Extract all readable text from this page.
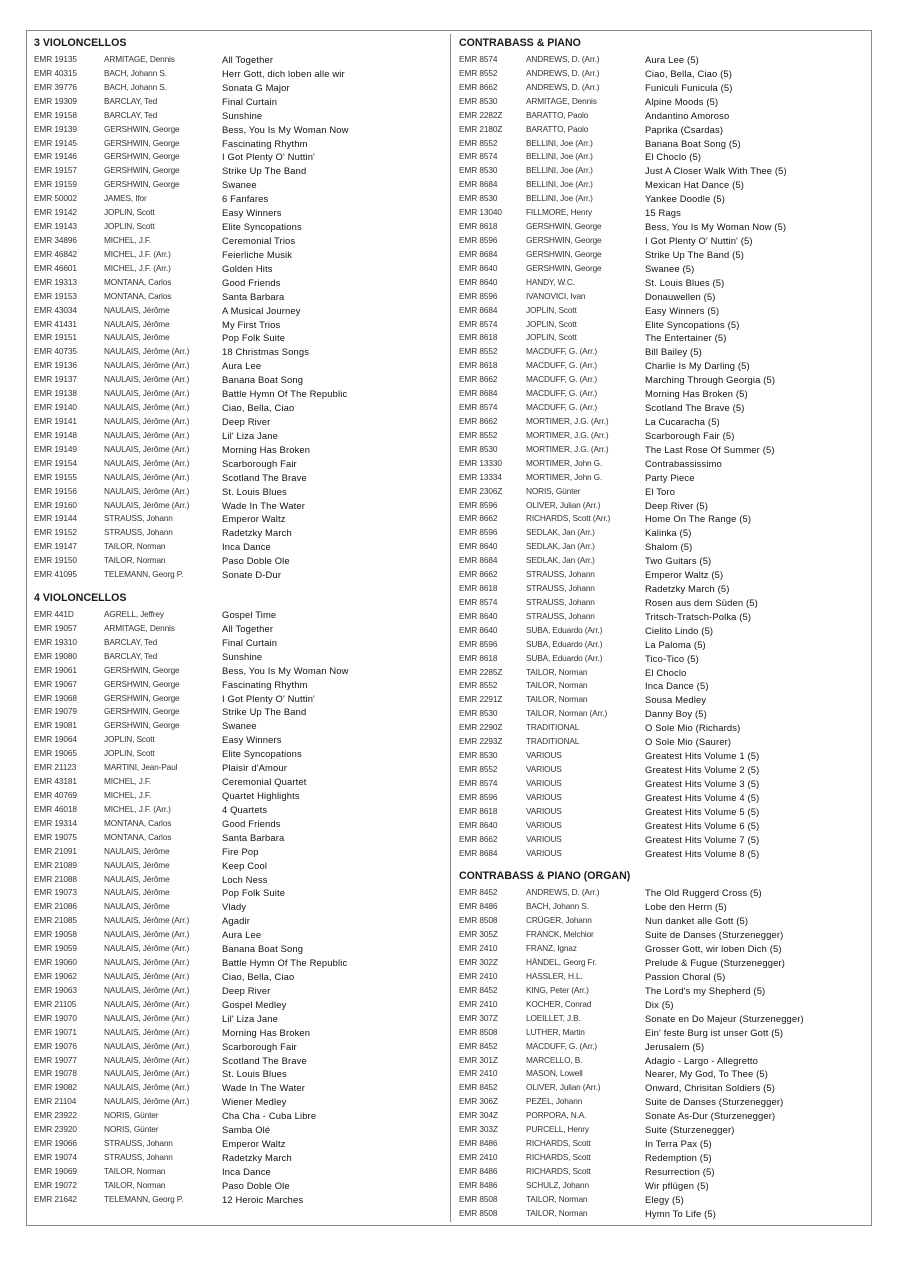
3 VIOLONCELLOS
EMR 19135	ARMITAGE, Dennis	All Together
EMR 40315	BACH, Johann S.	Herr Gott, dich loben alle wir
EMR 39776	BACH, Johann S.	Sonata G Major
EMR 19309	BARCLAY, Ted	Final Curtain
EMR 19158	BARCLAY, Ted	Sunshine
EMR 19139	GERSHWIN, George	Bess, You Is My Woman Now
EMR 19145	GERSHWIN, George	Fascinating Rhythm
EMR 19146	GERSHWIN, George	I Got Plenty O' Nuttin'
EMR 19157	GERSHWIN, George	Strike Up The Band
EMR 19159	GERSHWIN, George	Swanee
EMR 50002	JAMES, Ifor	6 Fanfares
EMR 19142	JOPLIN, Scott	Easy Winners
EMR 19143	JOPLIN, Scott	Elite Syncopations
EMR 34896	MICHEL, J.F.	Ceremonial Trios
EMR 46842	MICHEL, J.F. (Arr.)	Feierliche Musik
EMR 46601	MICHEL, J.F. (Arr.)	Golden Hits
EMR 19313	MONTANA, Carlos	Good Friends
EMR 19153	MONTANA, Carlos	Santa Barbara
EMR 43034	NAULAIS, Jérôme	A Musical Journey
EMR 41431	NAULAIS, Jérôme	My First Trios
EMR 19151	NAULAIS, Jérôme	Pop Folk Suite
EMR 40735	NAULAIS, Jérôme (Arr.)	18 Christmas Songs
EMR 19136	NAULAIS, Jérôme (Arr.)	Aura Lee
EMR 19137	NAULAIS, Jérôme (Arr.)	Banana Boat Song
EMR 19138	NAULAIS, Jérôme (Arr.)	Battle Hymn Of The Republic
EMR 19140	NAULAIS, Jérôme (Arr.)	Ciao, Bella, Ciao
EMR 19141	NAULAIS, Jérôme (Arr.)	Deep River
EMR 19148	NAULAIS, Jérôme (Arr.)	Lil' Liza Jane
EMR 19149	NAULAIS, Jérôme (Arr.)	Morning Has Broken
EMR 19154	NAULAIS, Jérôme (Arr.)	Scarborough Fair
EMR 19155	NAULAIS, Jérôme (Arr.)	Scotland The Brave
EMR 19156	NAULAIS, Jérôme (Arr.)	St. Louis Blues
EMR 19160	NAULAIS, Jérôme (Arr.)	Wade In The Water
EMR 19144	STRAUSS, Johann	Emperor Waltz
EMR 19152	STRAUSS, Johann	Radetzky March
EMR 19147	TAILOR, Norman	Inca Dance
EMR 19150	TAILOR, Norman	Paso Doble Ole
EMR 41095	TELEMANN, Georg P.	Sonate D-Dur
4 VIOLONCELLOS
EMR 441D	AGRELL, Jeffrey	Gospel Time
EMR 19057	ARMITAGE, Dennis	All Together
EMR 19310	BARCLAY, Ted	Final Curtain
EMR 19080	BARCLAY, Ted	Sunshine
EMR 19061	GERSHWIN, George	Bess, You Is My Woman Now
EMR 19067	GERSHWIN, George	Fascinating Rhythm
EMR 19068	GERSHWIN, George	I Got Plenty O' Nuttin'
EMR 19079	GERSHWIN, George	Strike Up The Band
EMR 19081	GERSHWIN, George	Swanee
EMR 19064	JOPLIN, Scott	Easy Winners
EMR 19065	JOPLIN, Scott	Elite Syncopations
EMR 21123	MARTINI, Jean-Paul	Plaisir d'Amour
EMR 43181	MICHEL, J.F.	Ceremonial Quartet
EMR 40769	MICHEL, J.F.	Quartet Highlights
EMR 46018	MICHEL, J.F. (Arr.)	4 Quartets
EMR 19314	MONTANA, Carlos	Good Friends
EMR 19075	MONTANA, Carlos	Santa Barbara
EMR 21091	NAULAIS, Jérôme	Fire Pop
EMR 21089	NAULAIS, Jérôme	Keep Cool
EMR 21088	NAULAIS, Jérôme	Loch Ness
EMR 19073	NAULAIS, Jérôme	Pop Folk Suite
EMR 21086	NAULAIS, Jérôme	Vlady
EMR 21085	NAULAIS, Jérôme (Arr.)	Agadir
EMR 19058	NAULAIS, Jérôme (Arr.)	Aura Lee
EMR 19059	NAULAIS, Jérôme (Arr.)	Banana Boat Song
EMR 19060	NAULAIS, Jérôme (Arr.)	Battle Hymn Of The Republic
EMR 19062	NAULAIS, Jérôme (Arr.)	Ciao, Bella, Ciao
EMR 19063	NAULAIS, Jérôme (Arr.)	Deep River
EMR 21105	NAULAIS, Jérôme (Arr.)	Gospel Medley
EMR 19070	NAULAIS, Jérôme (Arr.)	Lil' Liza Jane
EMR 19071	NAULAIS, Jérôme (Arr.)	Morning Has Broken
EMR 19076	NAULAIS, Jérôme (Arr.)	Scarborough Fair
EMR 19077	NAULAIS, Jérôme (Arr.)	Scotland The Brave
EMR 19078	NAULAIS, Jérôme (Arr.)	St. Louis Blues
EMR 19082	NAULAIS, Jérôme (Arr.)	Wade In The Water
EMR 21104	NAULAIS, Jérôme (Arr.)	Wiener Medley
EMR 23922	NORIS, Günter	Cha Cha - Cuba Libre
EMR 23920	NORIS, Günter	Samba Olé
EMR 19066	STRAUSS, Johann	Emperor Waltz
EMR 19074	STRAUSS, Johann	Radetzky March
EMR 19069	TAILOR, Norman	Inca Dance
EMR 19072	TAILOR, Norman	Paso Doble Ole
EMR 21642	TELEMANN, Georg P.	12 Heroic Marches
CONTRABASS & PIANO
EMR 8574	ANDREWS, D. (Arr.)	Aura Lee (5)
EMR 8552	ANDREWS, D. (Arr.)	Ciao, Bella, Ciao (5)
EMR 8662	ANDREWS, D. (Arr.)	Funiculi Funicula (5)
EMR 8530	ARMITAGE, Dennis	Alpine Moods (5)
EMR 2282Z	BARATTO, Paolo	Andantino Amoroso
EMR 2180Z	BARATTO, Paolo	Paprika (Csardas)
EMR 8552	BELLINI, Joe (Arr.)	Banana Boat Song (5)
EMR 8574	BELLINI, Joe (Arr.)	El Choclo (5)
EMR 8530	BELLINI, Joe (Arr.)	Just A Closer Walk With Thee (5)
EMR 8684	BELLINI, Joe (Arr.)	Mexican Hat Dance (5)
EMR 8530	BELLINI, Joe (Arr.)	Yankee Doodle (5)
EMR 13040	FILLMORE, Henry	15 Rags
EMR 8618	GERSHWIN, George	Bess, You Is My Woman Now (5)
EMR 8596	GERSHWIN, George	I Got Plenty O' Nuttin' (5)
EMR 8684	GERSHWIN, George	Strike Up The Band (5)
EMR 8640	GERSHWIN, George	Swanee (5)
EMR 8640	HANDY, W.C.	St. Louis Blues (5)
EMR 8596	IVANOVICI, Ivan	Donauwellen (5)
EMR 8684	JOPLIN, Scott	Easy Winners (5)
EMR 8574	JOPLIN, Scott	Elite Syncopations (5)
EMR 8618	JOPLIN, Scott	The Entertainer (5)
EMR 8552	MACDUFF, G. (Arr.)	Bill Bailey (5)
EMR 8618	MACDUFF, G. (Arr.)	Charlie Is My Darling (5)
EMR 8662	MACDUFF, G. (Arr.)	Marching Through Georgia (5)
EMR 8684	MACDUFF, G. (Arr.)	Morning Has Broken (5)
EMR 8574	MACDUFF, G. (Arr.)	Scotland The Brave (5)
EMR 8662	MORTIMER, J.G. (Arr.)	La Cucaracha (5)
EMR 8552	MORTIMER, J.G. (Arr.)	Scarborough Fair (5)
EMR 8530	MORTIMER, J.G. (Arr.)	The Last Rose Of Summer (5)
EMR 13330	MORTIMER, John G.	Contrabassissimo
EMR 13334	MORTIMER, John G.	Party Piece
EMR 2306Z	NORIS, Günter	El Toro
EMR 8596	OLIVER, Julian (Arr.)	Deep River (5)
EMR 8662	RICHARDS, Scott (Arr.)	Home On The Range (5)
EMR 8596	SEDLAK, Jan (Arr.)	Kalinka (5)
EMR 8640	SEDLAK, Jan (Arr.)	Shalom (5)
EMR 8684	SEDLAK, Jan (Arr.)	Two Guitars (5)
EMR 8662	STRAUSS, Johann	Emperor Waltz (5)
EMR 8618	STRAUSS, Johann	Radetzky March (5)
EMR 8574	STRAUSS, Johann	Rosen aus dem Süden (5)
EMR 8640	STRAUSS, Johann	Tritsch-Tratsch-Polka (5)
EMR 8640	SUBA, Eduardo (Arr.)	Cielito Lindo (5)
EMR 8596	SUBA, Eduardo (Arr.)	La Paloma (5)
EMR 8618	SUBA, Eduardo (Arr.)	Tico-Tico (5)
EMR 2285Z	TAILOR, Norman	El Choclo
EMR 8552	TAILOR, Norman	Inca Dance (5)
EMR 2291Z	TAILOR, Norman	Sousa Medley
EMR 8530	TAILOR, Norman (Arr.)	Danny Boy (5)
EMR 2290Z	TRADITIONAL	O Sole Mio (Richards)
EMR 2293Z	TRADITIONAL	O Sole Mio (Saurer)
EMR 8530	VARIOUS	Greatest Hits Volume 1 (5)
EMR 8552	VARIOUS	Greatest Hits Volume 2 (5)
EMR 8574	VARIOUS	Greatest Hits Volume 3 (5)
EMR 8596	VARIOUS	Greatest Hits Volume 4 (5)
EMR 8618	VARIOUS	Greatest Hits Volume 5 (5)
EMR 8640	VARIOUS	Greatest Hits Volume 6 (5)
EMR 8662	VARIOUS	Greatest Hits Volume 7 (5)
EMR 8684	VARIOUS	Greatest Hits Volume 8 (5)
CONTRABASS & PIANO (ORGAN)
EMR 8452	ANDREWS, D. (Arr.)	The Old Ruggerd Cross (5)
EMR 8486	BACH, Johann S.	Lobe den Herrn (5)
EMR 8508	CRÜGER, Johann	Nun danket alle Gott (5)
EMR 305Z	FRANCK, Melchior	Suite de Danses (Sturzenegger)
EMR 2410	FRANZ, Ignaz	Grosser Gott, wir loben Dich (5)
EMR 302Z	HÄNDEL, Georg Fr.	Prelude & Fugue (Sturzenegger)
EMR 2410	HASSLER, H.L.	Passion Choral (5)
EMR 8452	KING, Peter (Arr.)	The Lord's my Shepherd (5)
EMR 2410	KOCHER, Conrad	Dix (5)
EMR 307Z	LOEILLET, J.B.	Sonate en Do Majeur (Sturzenegger)
EMR 8508	LUTHER, Martin	Ein' feste Burg ist unser Gott (5)
EMR 8452	MACDUFF, G. (Arr.)	Jerusalem (5)
EMR 301Z	MARCELLO, B.	Adagio - Largo - Allegretto
EMR 2410	MASON, Lowell	Nearer, My God, To Thee (5)
EMR 8452	OLIVER, Julian (Arr.)	Onward, Chrisitan Soldiers (5)
EMR 306Z	PEZEL, Johann	Suite de Danses (Sturzenegger)
EMR 304Z	PORPORA, N.A.	Sonate As-Dur (Sturzenegger)
EMR 303Z	PURCELL, Henry	Suite (Sturzenegger)
EMR 8486	RICHARDS, Scott	In Terra Pax (5)
EMR 2410	RICHARDS, Scott	Redemption (5)
EMR 8486	RICHARDS, Scott	Resurrection (5)
EMR 8486	SCHULZ, Johann	Wir pflügen (5)
EMR 8508	TAILOR, Norman	Elegy (5)
EMR 8508	TAILOR, Norman	Hymn To Life (5)
